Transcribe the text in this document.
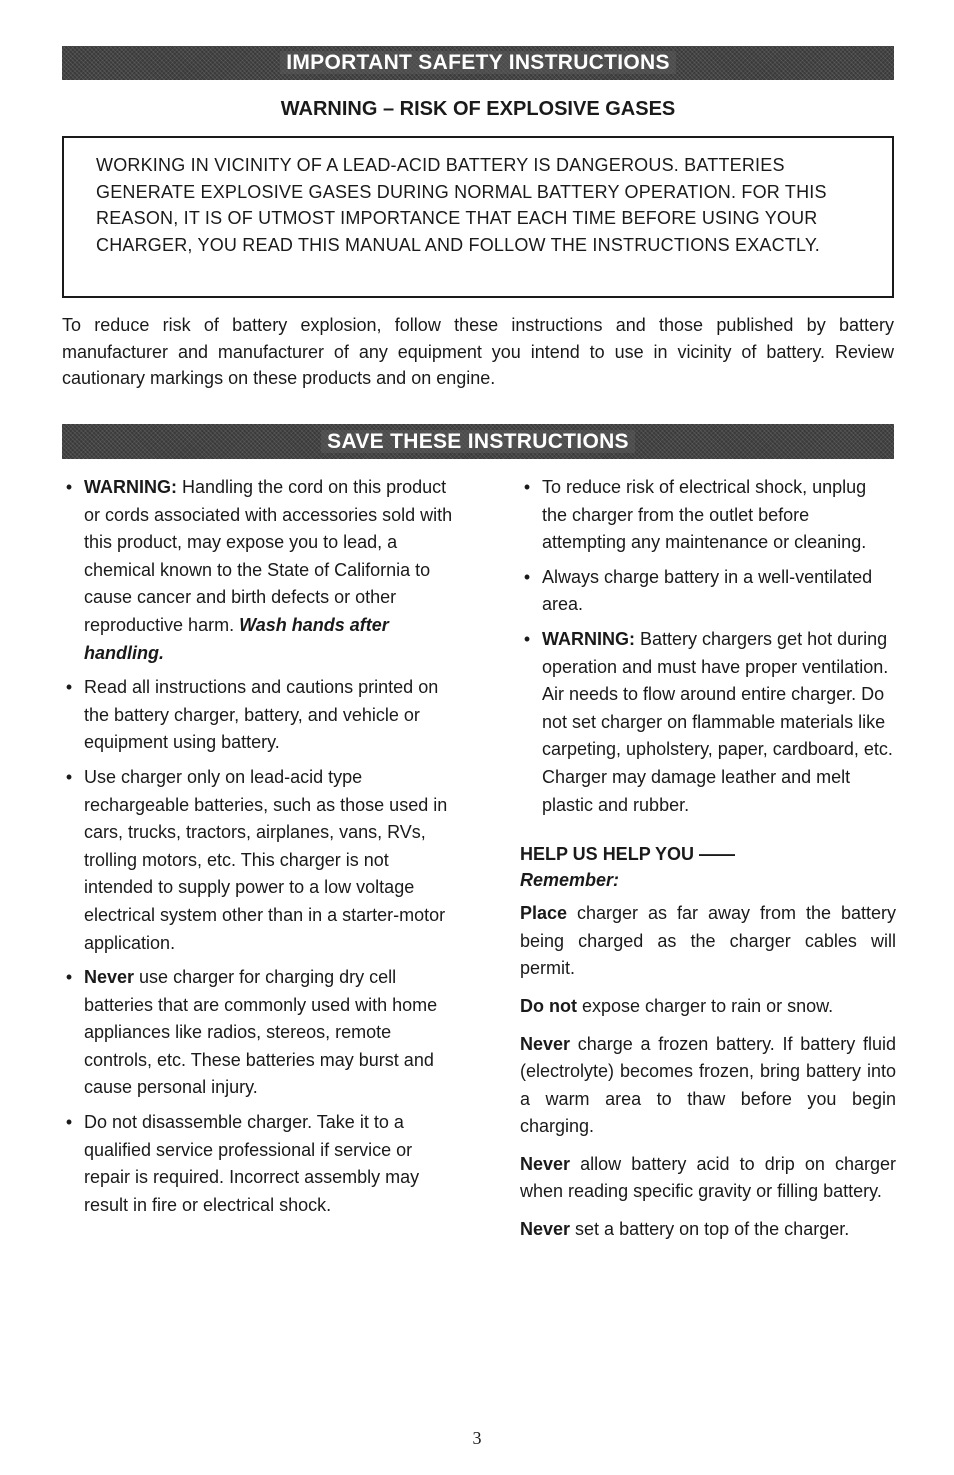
IMPORTANT SAFETY INSTRUCTIONS
WARNING – RISK OF EXPLOSIVE GASES

WORKING IN VICINITY OF A LEAD-ACID BATTERY IS DANGEROUS. BATTERIES GENERATE EXPLOSIVE GASES DURING NORMAL BATTERY OPERATION. FOR THIS REASON, IT IS OF UTMOST IMPORTANCE THAT EACH TIME BEFORE USING YOUR CHARGER, YOU READ THIS MANUAL AND FOLLOW THE INSTRUCTIONS EXACTLY.

To reduce risk of battery explosion, follow these instructions and those published by battery manufacturer and manufacturer of any equipment you intend to use in vicinity of battery. Review cautionary markings on these products and on engine.

SAVE THESE INSTRUCTIONS
• WARNING: Handling the cord on this product or cords associated with accessories sold with this product, may expose you to lead, a chemical known to the State of California to cause cancer and birth defects or other reproductive harm. Wash hands after handling.
• Read all instructions and cautions printed on the battery charger, battery, and vehicle or equipment using battery.
• Use charger only on lead-acid type rechargeable batteries, such as those used in cars, trucks, tractors, airplanes, vans, RVs, trolling motors, etc. This charger is not intended to supply power to a low voltage electrical system other than in a starter-motor application.
• Never use charger for charging dry cell batteries that are commonly used with home appliances like radios, stereos, remote controls, etc. These batteries may burst and cause personal injury.
• Do not disassemble charger. Take it to a qualified service professional if service or repair is required. Incorrect assembly may result in fire or electrical shock.
• To reduce risk of electrical shock, unplug the charger from the outlet before attempting any maintenance or cleaning.
• Always charge battery in a well-ventilated area.
• WARNING: Battery chargers get hot during operation and must have proper ventilation. Air needs to flow around entire charger. Do not set charger on flammable materials like carpeting, upholstery, paper, cardboard, etc. Charger may damage leather and melt plastic and rubber.
HELP US HELP YOU ——
Remember:

Place charger as far away from the battery being charged as the charger cables will permit.

Do not expose charger to rain or snow.

Never charge a frozen battery. If battery fluid (electrolyte) becomes frozen, bring battery into a warm area to thaw before you begin charging.

Never allow battery acid to drip on charger when reading specific gravity or filling battery.

Never set a battery on top of the charger.

3
